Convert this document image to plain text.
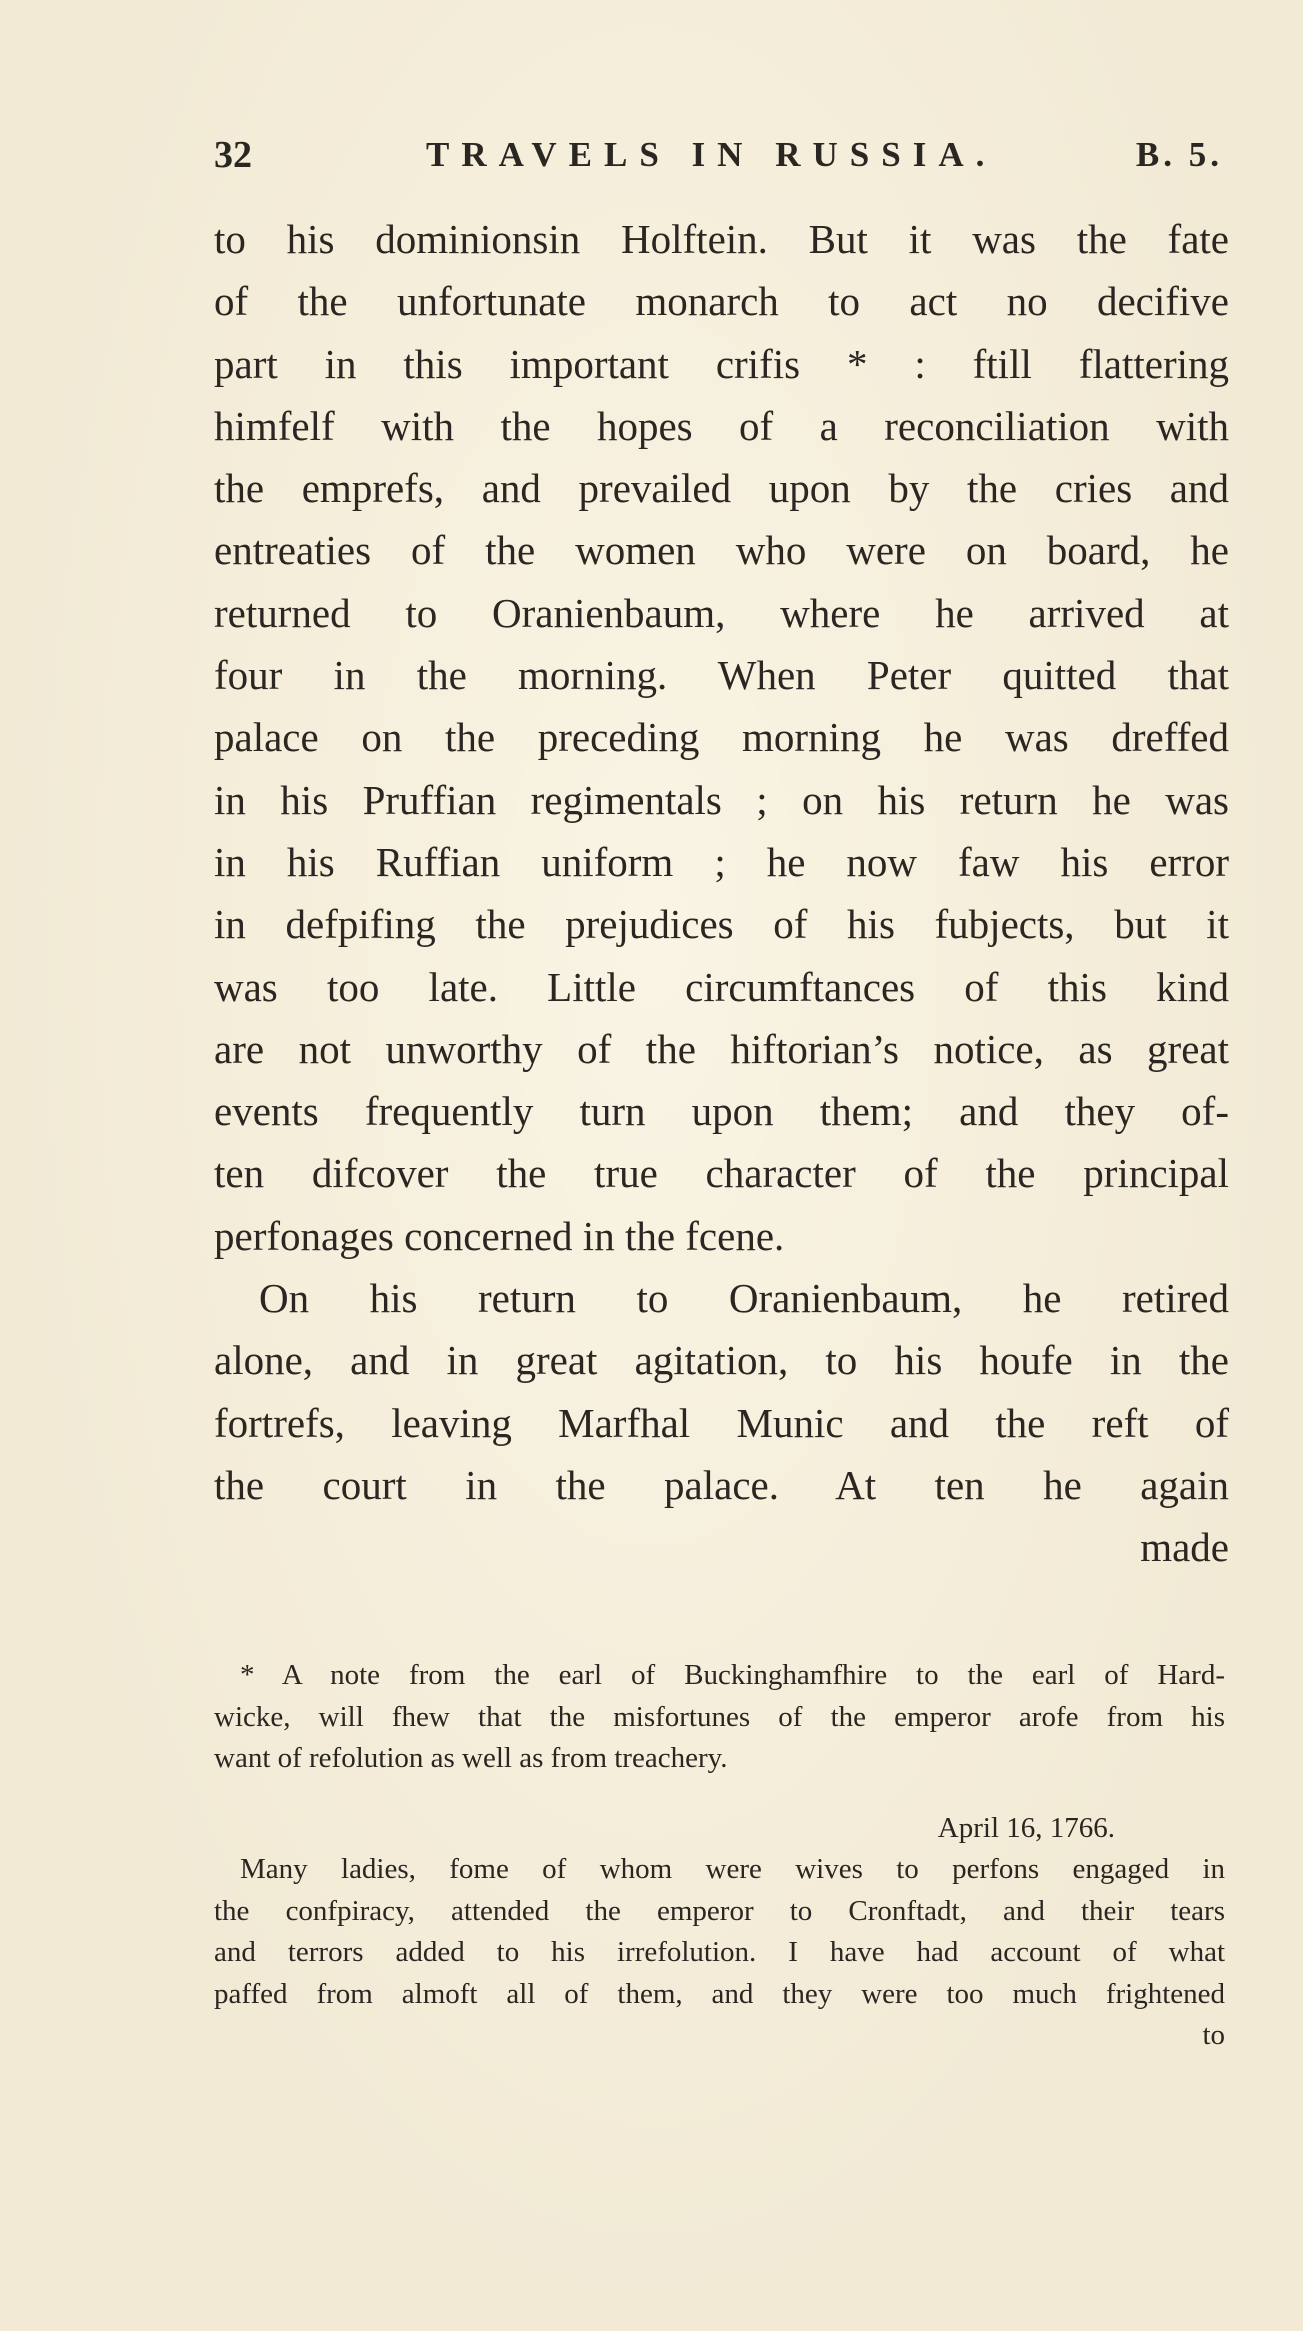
32	TRAVELS IN RUSSIA.	B. 5.
to his dominionsin Holftein. But it was the fate
of the unfortunate monarch to act no decifive
part in this important crifis * : ftill flattering
himfelf with the hopes of a reconciliation with
the emprefs, and prevailed upon by the cries and
entreaties of the women who were on board, he
returned to Oranienbaum, where he arrived at
four in the morning. When Peter quitted that
palace on the preceding morning he was dreffed
in his Pruffian regimentals ; on his return he was
in his Ruffian uniform ; he now faw his error
in defpifing the prejudices of his fubjects, but it
was too late. Little circumftances of this kind
are not unworthy of the hiftorian’s notice, as great
events frequently turn upon them; and they of-
ten difcover the true character of the principal
perfonages concerned in the fcene.
On his return to Oranienbaum, he retired
alone, and in great agitation, to his houfe in the
fortrefs, leaving Marfhal Munic and the reft of
the court in the palace. At ten he again
made
* A note from the earl of Buckinghamfhire to the earl of Hard-
wicke, will fhew that the misfortunes of the emperor arofe from his
want of refolution as well as from treachery.
April 16, 1766.
Many ladies, fome of whom were wives to perfons engaged in
the confpiracy, attended the emperor to Cronftadt, and their tears
and terrors added to his irrefolution. I have had account of what
paffed from almoft all of them, and they were too much frightened
to
